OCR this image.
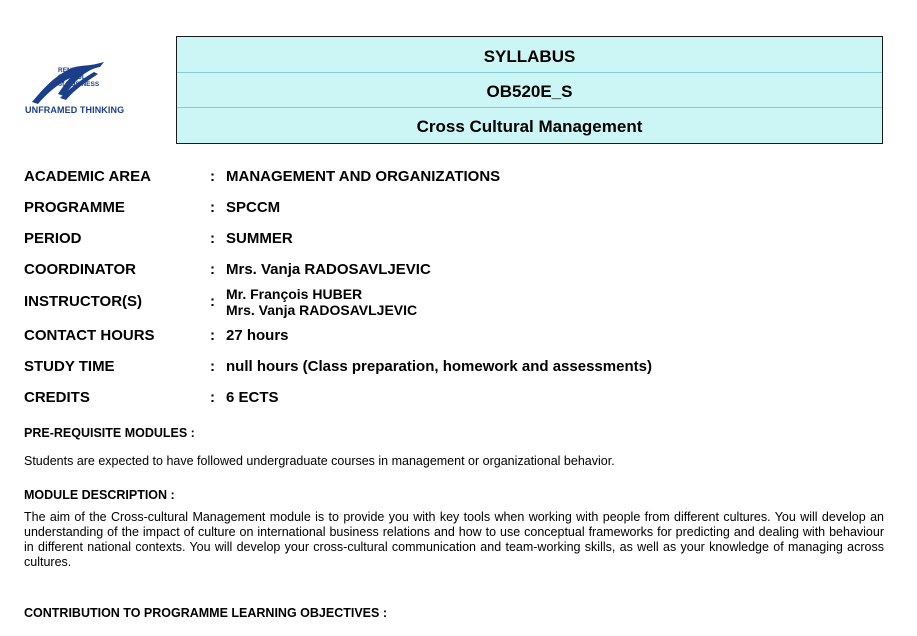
RENNES
SCHOOL
of BUSINESS
UNFRAMED THINKING
SYLLABUS
OB520E_S
Cross Cultural Management
ACADEMIC AREA	: MANAGEMENT AND ORGANIZATIONS
PROGRAMME	: SPCCM
PERIOD	: SUMMER
COORDINATOR	: Mrs. Vanja RADOSAVLJEVIC
INSTRUCTOR(S)	: Mr. François HUBER
Mrs. Vanja RADOSAVLJEVIC
CONTACT HOURS	: 27 hours
STUDY TIME	: null hours (Class preparation, homework and assessments)
CREDITS	: 6 ECTS
PRE-REQUISITE MODULES :
Students are expected to have followed undergraduate courses in management or organizational behavior.
MODULE DESCRIPTION :
The aim of the Cross-cultural Management module is to provide you with key tools when working with people from different cultures. You will develop an understanding of the impact of culture on international business relations and how to use conceptual frameworks for predicting and dealing with behaviour in different national contexts. You will develop your cross-cultural communication and team-working skills, as well as your knowledge of managing across cultures.
CONTRIBUTION TO PROGRAMME LEARNING OBJECTIVES :
